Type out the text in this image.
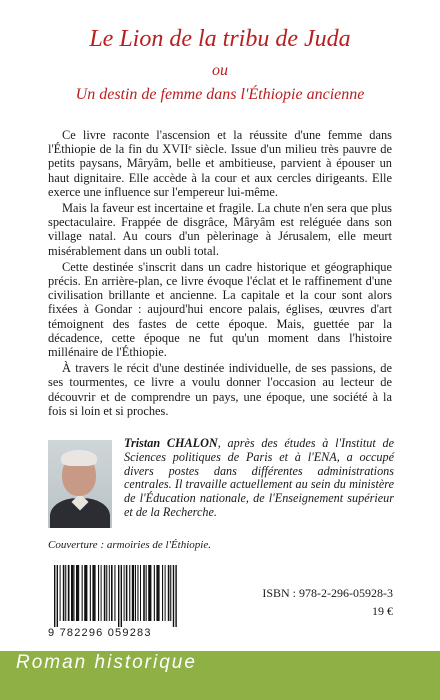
Le Lion de la tribu de Juda
ou
Un destin de femme dans l'Éthiopie ancienne

Ce livre raconte l'ascension et la réussite d'une femme dans l'Éthiopie de la fin du XVIIᵉ siècle. Issue d'un milieu très pauvre de petits paysans, Mâryâm, belle et ambitieuse, parvient à épouser un haut dignitaire. Elle accède à la cour et aux cercles dirigeants. Elle exerce une influence sur l'empereur lui-même.

Mais la faveur est incertaine et fragile. La chute n'en sera que plus spectaculaire. Frappée de disgrâce, Mâryâm est reléguée dans son village natal. Au cours d'un pèlerinage à Jérusalem, elle meurt misérablement dans un oubli total.

Cette destinée s'inscrit dans un cadre historique et géographique précis. En arrière-plan, ce livre évoque l'éclat et le raffinement d'une civilisation brillante et ancienne. La capitale et la cour sont alors fixées à Gondar : aujourd'hui encore palais, églises, œuvres d'art témoignent des fastes de cette époque. Mais, guettée par la décadence, cette époque ne fut qu'un moment dans l'histoire millénaire de l'Éthiopie.

À travers le récit d'une destinée individuelle, de ses passions, de ses tourmentes, ce livre a voulu donner l'occasion au lecteur de découvrir et de comprendre un pays, une époque, une société à la fois si loin et si proches.

Tristan CHALON, après des études à l'Institut de Sciences politiques de Paris et à l'ENA, a occupé divers postes dans différentes administrations centrales. Il travaille actuellement au sein du ministère de l'Éducation nationale, de l'Enseignement supérieur et de la Recherche.
Couverture : armoiries de l'Éthiopie.
9 782296 059283
ISBN : 978-2-296-05928-3
19 €
Roman historique
